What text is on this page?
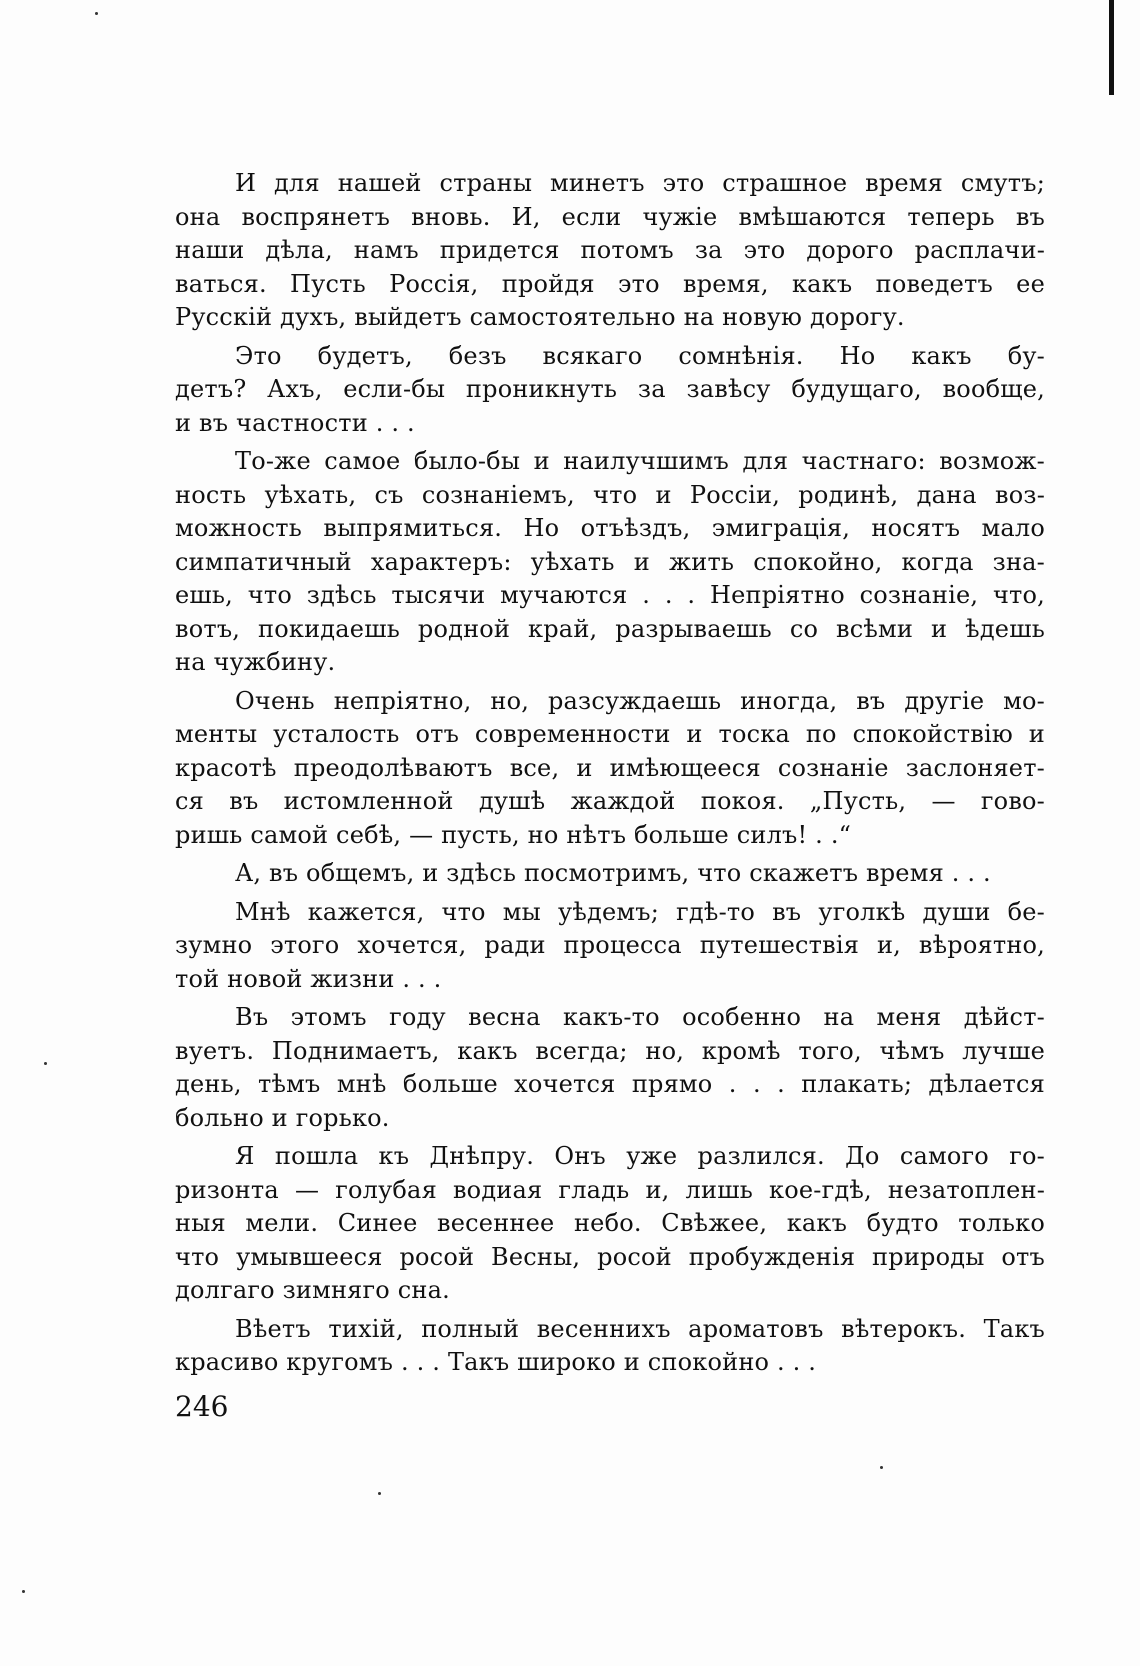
И для нашей страны минетъ это страшное время смутъ;
она воспрянетъ вновь. И, если чужіе вмѣшаются теперь въ
наши дѣла, намъ придется потомъ за это дорого расплачи-
ваться. Пусть Россія, пройдя это время, какъ поведетъ ее
Русскій духъ, выйдетъ самостоятельно на новую дорогу.
Это будетъ, безъ всякаго сомнѣнія. Но какъ бу-
детъ? Ахъ, если-бы проникнуть за завѣсу будущаго, вообще,
и въ частности . . .
То-же самое было-бы и наилучшимъ для частнаго: возмож-
ность уѣхать, съ сознаніемъ, что и Россіи, родинѣ, дана воз-
можность выпрямиться. Но отъѣздъ, эмиграція, носятъ мало
симпатичный характеръ: уѣхать и жить спокойно, когда зна-
ешь, что здѣсь тысячи мучаются . . . Непріятно сознаніе, что,
вотъ, покидаешь родной край, разрываешь со всѣми и ѣдешь
на чужбину.
Очень непріятно, но, разсуждаешь иногда, въ другіе мо-
менты усталость отъ современности и тоска по спокойствію и
красотѣ преодолѣваютъ все, и имѣющееся сознаніе заслоняет-
ся въ истомленной душѣ жаждой покоя. „Пусть, — гово-
ришь самой себѣ, — пусть, но нѣтъ больше силъ! . .“
А, въ общемъ, и здѣсь посмотримъ, что скажетъ время . . .
Мнѣ кажется, что мы уѣдемъ; гдѣ-то въ уголкѣ души бе-
зумно этого хочется, ради процесса путешествія и, вѣроятно,
той новой жизни . . .
Въ этомъ году весна какъ-то особенно на меня дѣйст-
вуетъ. Поднимаетъ, какъ всегда; но, кромѣ того, чѣмъ лучше
день, тѣмъ мнѣ больше хочется прямо . . . плакать; дѣлается
больно и горько.
Я пошла къ Днѣпру. Онъ уже разлился. До самого го-
ризонта — голубая водиая гладь и, лишь кое-гдѣ, незатоплен-
ныя мели. Синее весеннее небо. Свѣжее, какъ будто только
что умывшееся росой Весны, росой пробужденія природы отъ
долгаго зимняго сна.
Вѣетъ тихій, полный весеннихъ ароматовъ вѣтерокъ. Такъ
красиво кругомъ . . . Такъ широко и спокойно . . .
246
